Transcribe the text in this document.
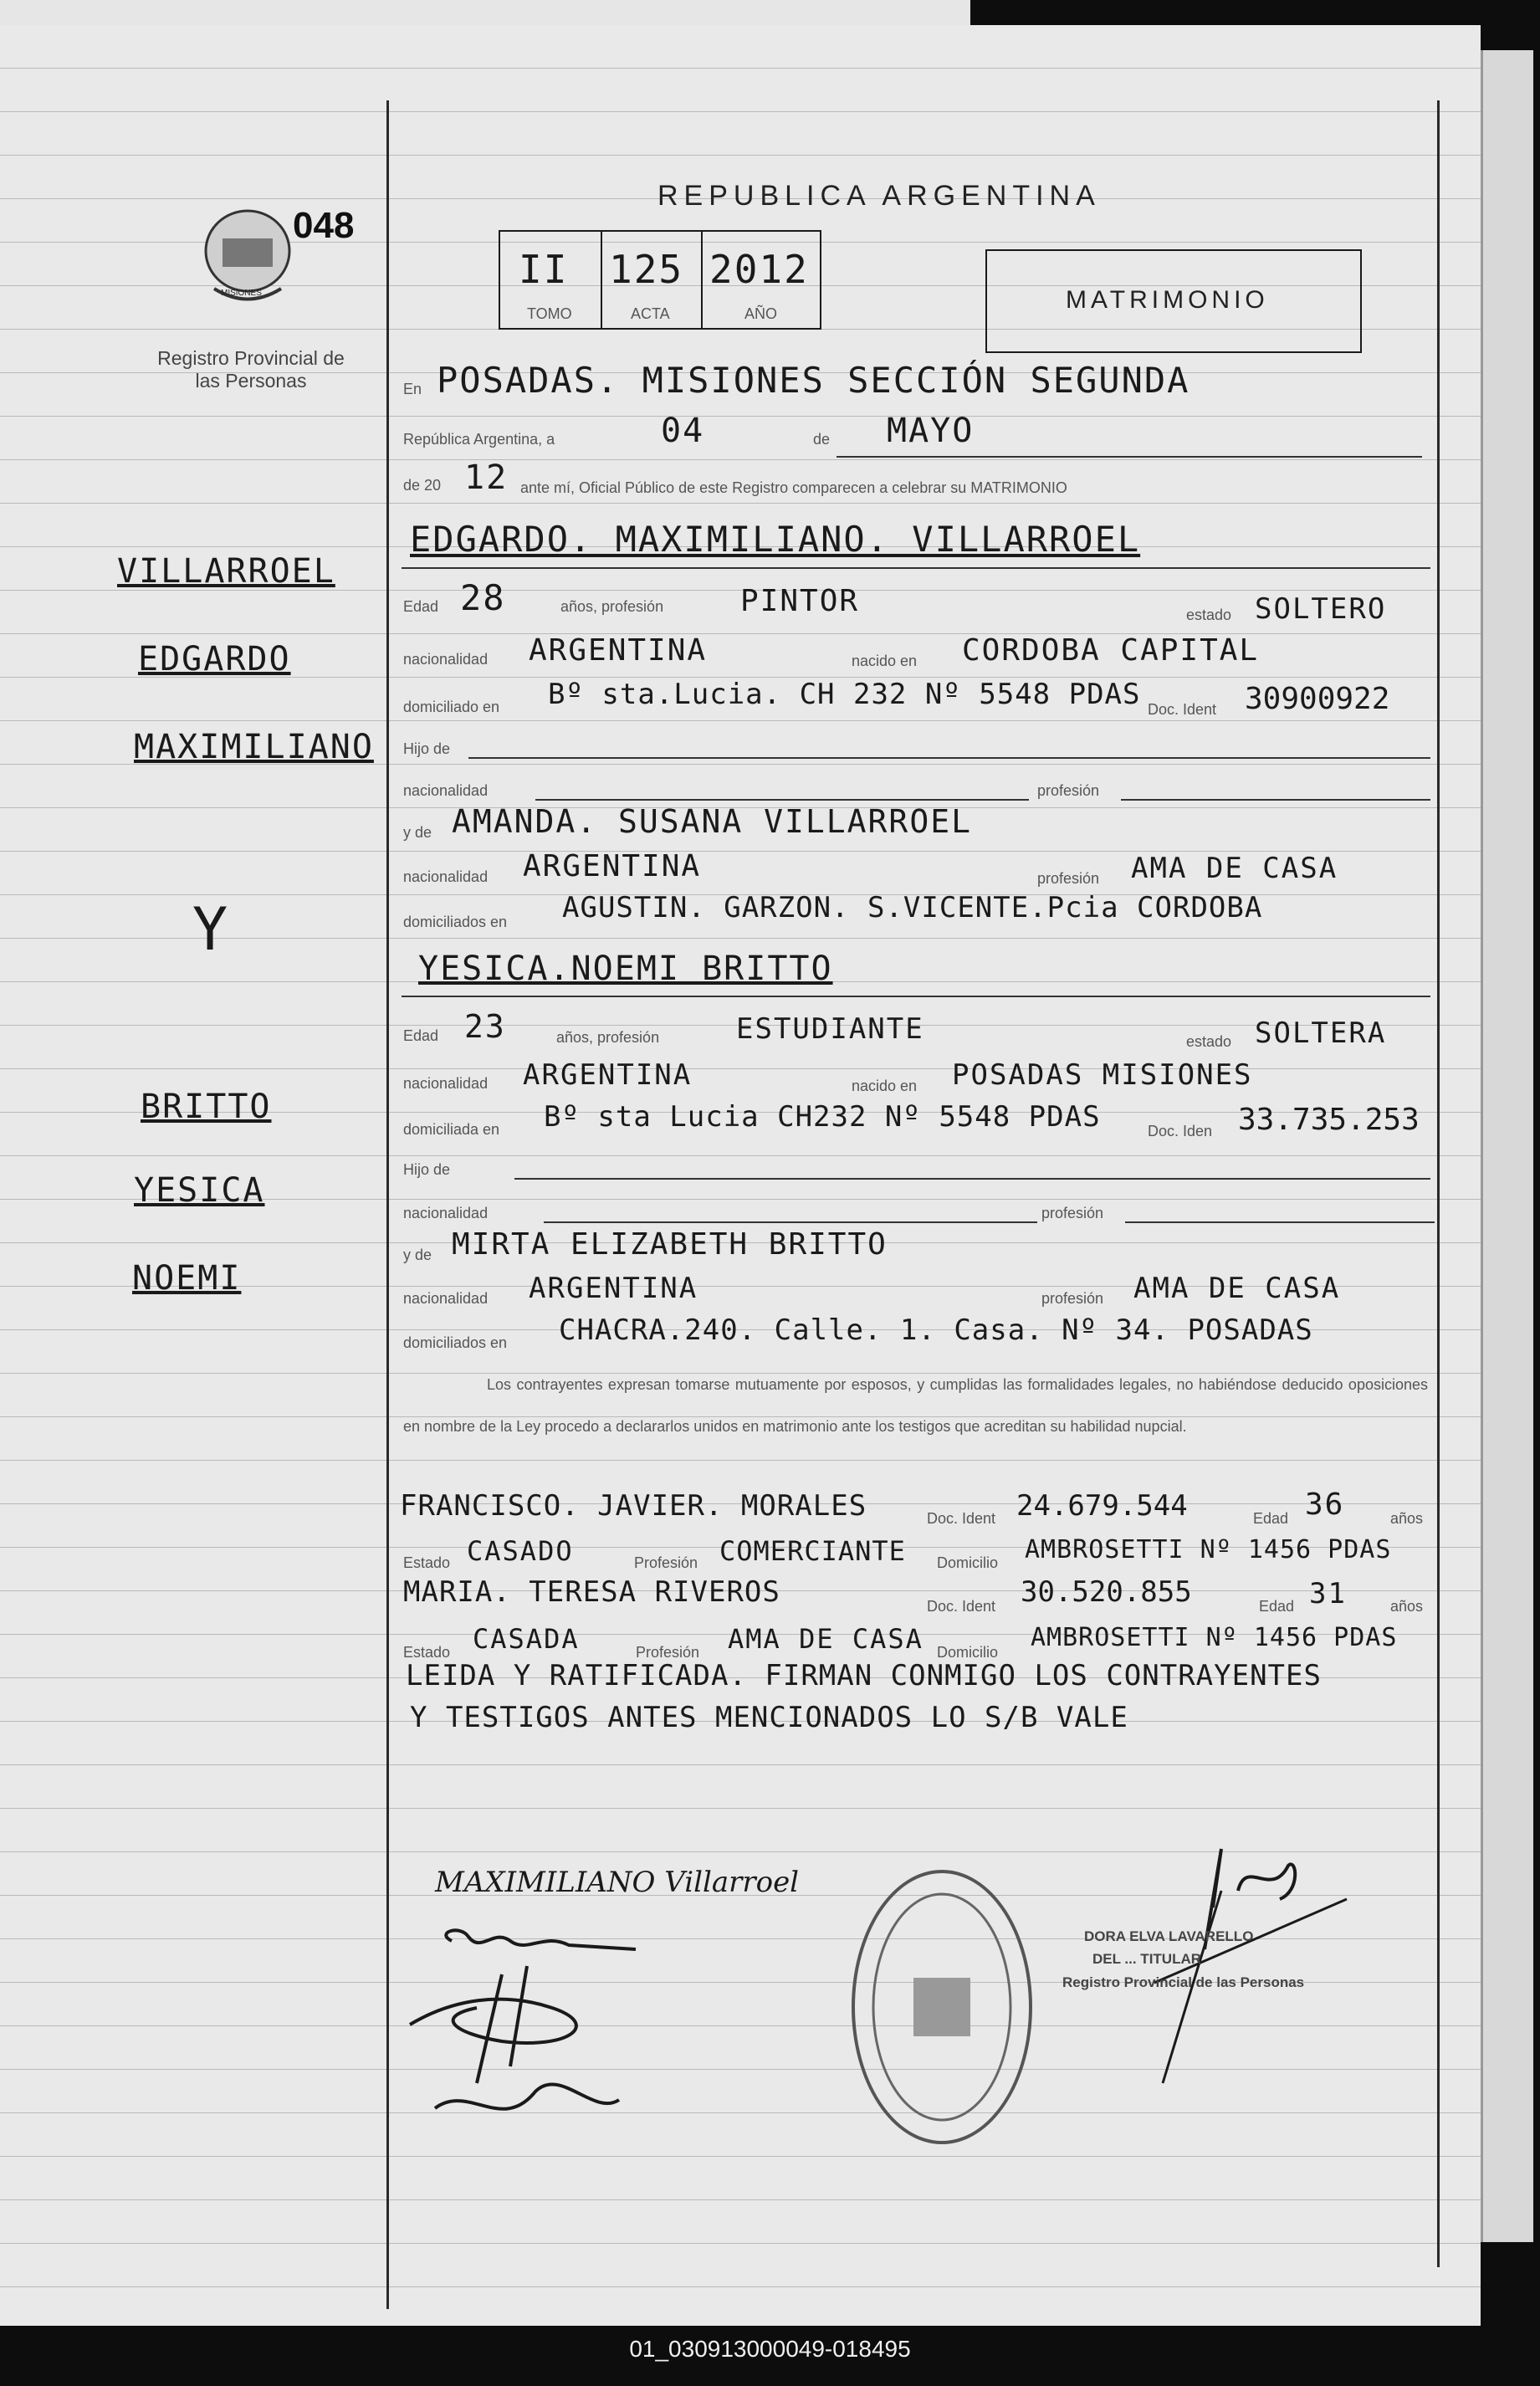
REPUBLICA ARGENTINA
MISIONES
048
Registro Provincial de las Personas
II
TOMO
125
ACTA
2012
AÑO	MATRIMONIO
VILLARROEL
EDGARDO
MAXIMILIANO
Y
BRITTO
YESICA
NOEMI
En POSADAS. MISIONES SECCIÓN SEGUNDA
República Argentina, a	04	de MAYO
de 20 12 ante mí, Oficial Público de este Registro comparecen a celebrar su MATRIMONIO
EDGARDO. MAXIMILIANO. VILLARROEL
Edad 28	años, profesión	PINTOR	estado SOLTERO
nacionalidad ARGENTINA	nacido en CORDOBA CAPITAL
domiciliado en Bº sta.Lucia. CH 232 Nº 5548 PDAS Doc. Ident 30900922
Hijo de
nacionalidad	profesión
y de AMANDA. SUSANA VILLARROEL
nacionalidad ARGENTINA	profesión AMA DE CASA
domiciliados en AGUSTIN. GARZON. S.VICENTE.Pcia CORDOBA
YESICA.NOEMI BRITTO
Edad 23	años, profesión	ESTUDIANTE	estado SOLTERA
nacionalidad ARGENTINA	nacido en POSADAS MISIONES
domiciliada en Bº sta Lucia CH232 Nº 5548 PDAS	Doc. Iden 33.735.253
Hijo de
nacionalidad	profesión
y de MIRTA ELIZABETH BRITTO
nacionalidad ARGENTINA	profesión AMA DE CASA
domiciliados en CHACRA.240. Calle. 1. Casa. Nº 34. POSADAS
Los contrayentes expresan tomarse mutuamente por esposos, y cumplidas las formalidades legales, no habiéndose deducido oposiciones en nombre de la Ley procedo a declararlos unidos en matrimonio ante los testigos que acreditan su habilidad nupcial.
FRANCISCO. JAVIER. MORALES	Doc. Ident 24.679.544	Edad 36	años
Estado CASADO	Profesión COMERCIANTE Domicilio AMBROSETTI Nº 1456 PDAS
MARIA. TERESA RIVEROS	Doc. Ident 30.520.855	Edad 31	años
Estado CASADA	Profesión AMA DE CASA Domicilio AMBROSETTI Nº 1456 PDAS
LEIDA Y RATIFICADA. FIRMAN CONMIGO LOS CONTRAYENTES
Y TESTIGOS ANTES MENCIONADOS LO S/B VALE
MAXIMILIANO Villarroel
DORA ELVA LAVARELLO
DEL ... TITULAR
Registro Provincial de las Personas
01_030913000049-018495
